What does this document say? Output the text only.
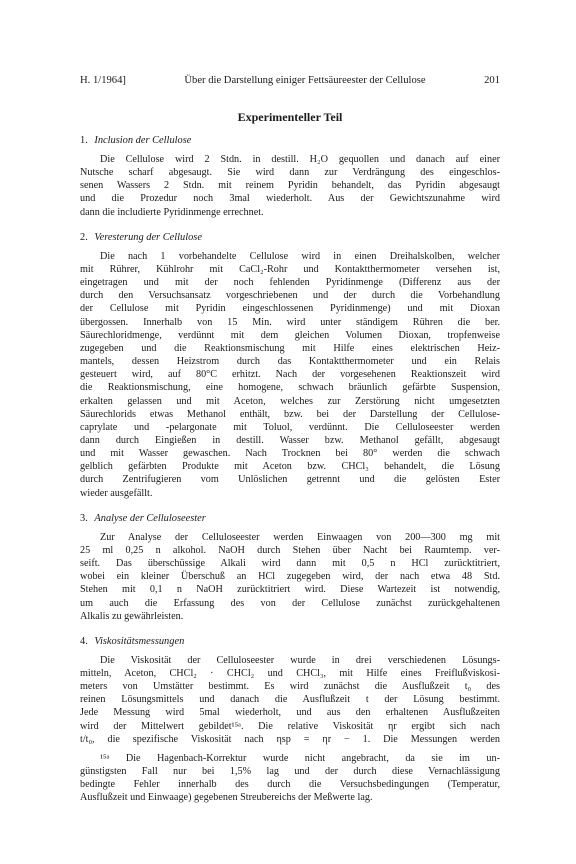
H. 1/1964]	Über die Darstellung einiger Fettsäureester der Cellulose	201
Experimenteller Teil
1. Inclusion der Cellulose
Die Cellulose wird 2 Stdn. in destill. H₂O gequollen und danach auf einer
Nutsche scharf abgesaugt. Sie wird dann zur Verdrängung des eingeschlos-
senen Wassers 2 Stdn. mit reinem Pyridin behandelt, das Pyridin abgesaugt
und die Prozedur noch 3mal wiederholt. Aus der Gewichtszunahme wird
dann die includierte Pyridinmenge errechnet.
2. Veresterung der Cellulose
Die nach 1 vorbehandelte Cellulose wird in einen Dreihalskolben, welcher
mit Rührer, Kühlrohr mit CaCl₂-Rohr und Kontaktthermometer versehen ist,
eingetragen und mit der noch fehlenden Pyridinmenge (Differenz aus der
durch den Versuchsansatz vorgeschriebenen und der durch die Vorbehandlung
der Cellulose mit Pyridin eingeschlossenen Pyridinmenge) und mit Dioxan
übergossen. Innerhalb von 15 Min. wird unter ständigem Rühren die ber.
Säurechloridmenge, verdünnt mit dem gleichen Volumen Dioxan, tropfenweise
zugegeben und die Reaktionsmischung mit Hilfe eines elektrischen Heiz-
mantels, dessen Heizstrom durch das Kontaktthermometer und ein Relais
gesteuert wird, auf 80°C erhitzt. Nach der vorgesehenen Reaktionszeit wird
die Reaktionsmischung, eine homogene, schwach bräunlich gefärbte Suspension,
erkalten gelassen und mit Aceton, welches zur Zerstörung nicht umgesetzten
Säurechlorids etwas Methanol enthält, bzw. bei der Darstellung der Cellulose-
caprylate und -pelargonate mit Toluol, verdünnt. Die Celluloseester werden
dann durch Eingießen in destill. Wasser bzw. Methanol gefällt, abgesaugt
und mit Wasser gewaschen. Nach Trocknen bei 80° werden die schwach
gelblich gefärbten Produkte mit Aceton bzw. CHCl₃ behandelt, die Lösung
durch Zentrifugieren vom Unlöslichen getrennt und die gelösten Ester
wieder ausgefällt.
3. Analyse der Celluloseester
Zur Analyse der Celluloseester werden Einwaagen von 200—300 mg mit
25 ml 0,25 n alkohol. NaOH durch Stehen über Nacht bei Raumtemp. ver-
seift. Das überschüssige Alkali wird dann mit 0,5 n HCl zurücktitriert,
wobei ein kleiner Überschuß an HCl zugegeben wird, der nach etwa 48 Std.
Stehen mit 0,1 n NaOH zurücktitriert wird. Diese Wartezeit ist notwendig,
um auch die Erfassung des von der Cellulose zunächst zurückgehaltenen
Alkalis zu gewährleisten.
4. Viskositätsmessungen
Die Viskosität der Celluloseester wurde in drei verschiedenen Lösungs-
mitteln, Aceton, CHCl₂ · CHCl₂ und CHCl₃, mit Hilfe eines Freiflußviskosi-
meters von Umstätter bestimmt. Es wird zunächst die Ausflußzeit t₀ des
reinen Lösungsmittels und danach die Ausflußzeit t der Lösung bestimmt.
Jede Messung wird 5mal wiederholt, und aus den erhaltenen Ausflußzeiten
wird der Mittelwert gebildet¹⁵ᵃ. Die relative Viskosität ηr ergibt sich nach
t/t₀, die spezifische Viskosität nach ηsp = ηr − 1. Die Messungen werden
¹⁵ᵃ Die Hagenbach-Korrektur wurde nicht angebracht, da sie im un-
günstigsten Fall nur bei 1,5% lag und der durch diese Vernachlässigung
bedingte Fehler innerhalb des durch die Versuchsbedingungen (Temperatur,
Ausflußzeit und Einwaage) gegebenen Streubereichs der Meßwerte lag.
